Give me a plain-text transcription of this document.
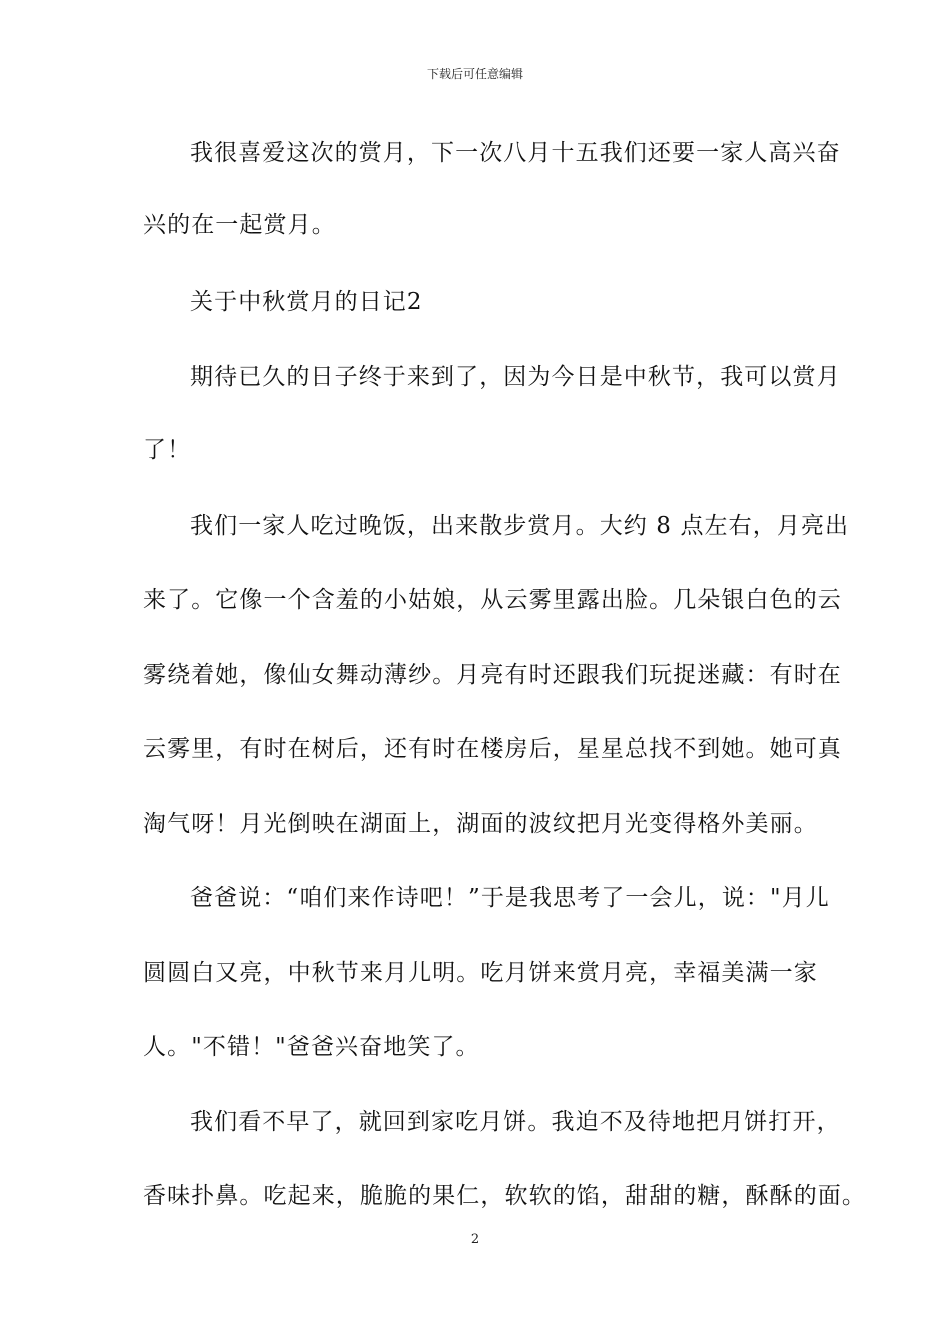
下载后可任意编辑
我很喜爱这次的赏月，下一次八月十五我们还要一家人高兴奋
兴的在一起赏月。
关于中秋赏月的日记2
期待已久的日子终于来到了，因为今日是中秋节，我可以赏月
了！
我们一家人吃过晚饭，出来散步赏月。大约 8 点左右，月亮出
来了。它像一个含羞的小姑娘，从云雾里露出脸。几朵银白色的云
雾绕着她，像仙女舞动薄纱。月亮有时还跟我们玩捉迷藏：有时在
云雾里，有时在树后，还有时在楼房后，星星总找不到她。她可真
淘气呀！月光倒映在湖面上，湖面的波纹把月光变得格外美丽。
爸爸说：“咱们来作诗吧！”于是我思考了一会儿，说："月儿
圆圆白又亮，中秋节来月儿明。吃月饼来赏月亮，幸福美满一家
人。"不错！"爸爸兴奋地笑了。
我们看不早了，就回到家吃月饼。我迫不及待地把月饼打开，
香味扑鼻。吃起来，脆脆的果仁，软软的馅，甜甜的糖，酥酥的面。
2
